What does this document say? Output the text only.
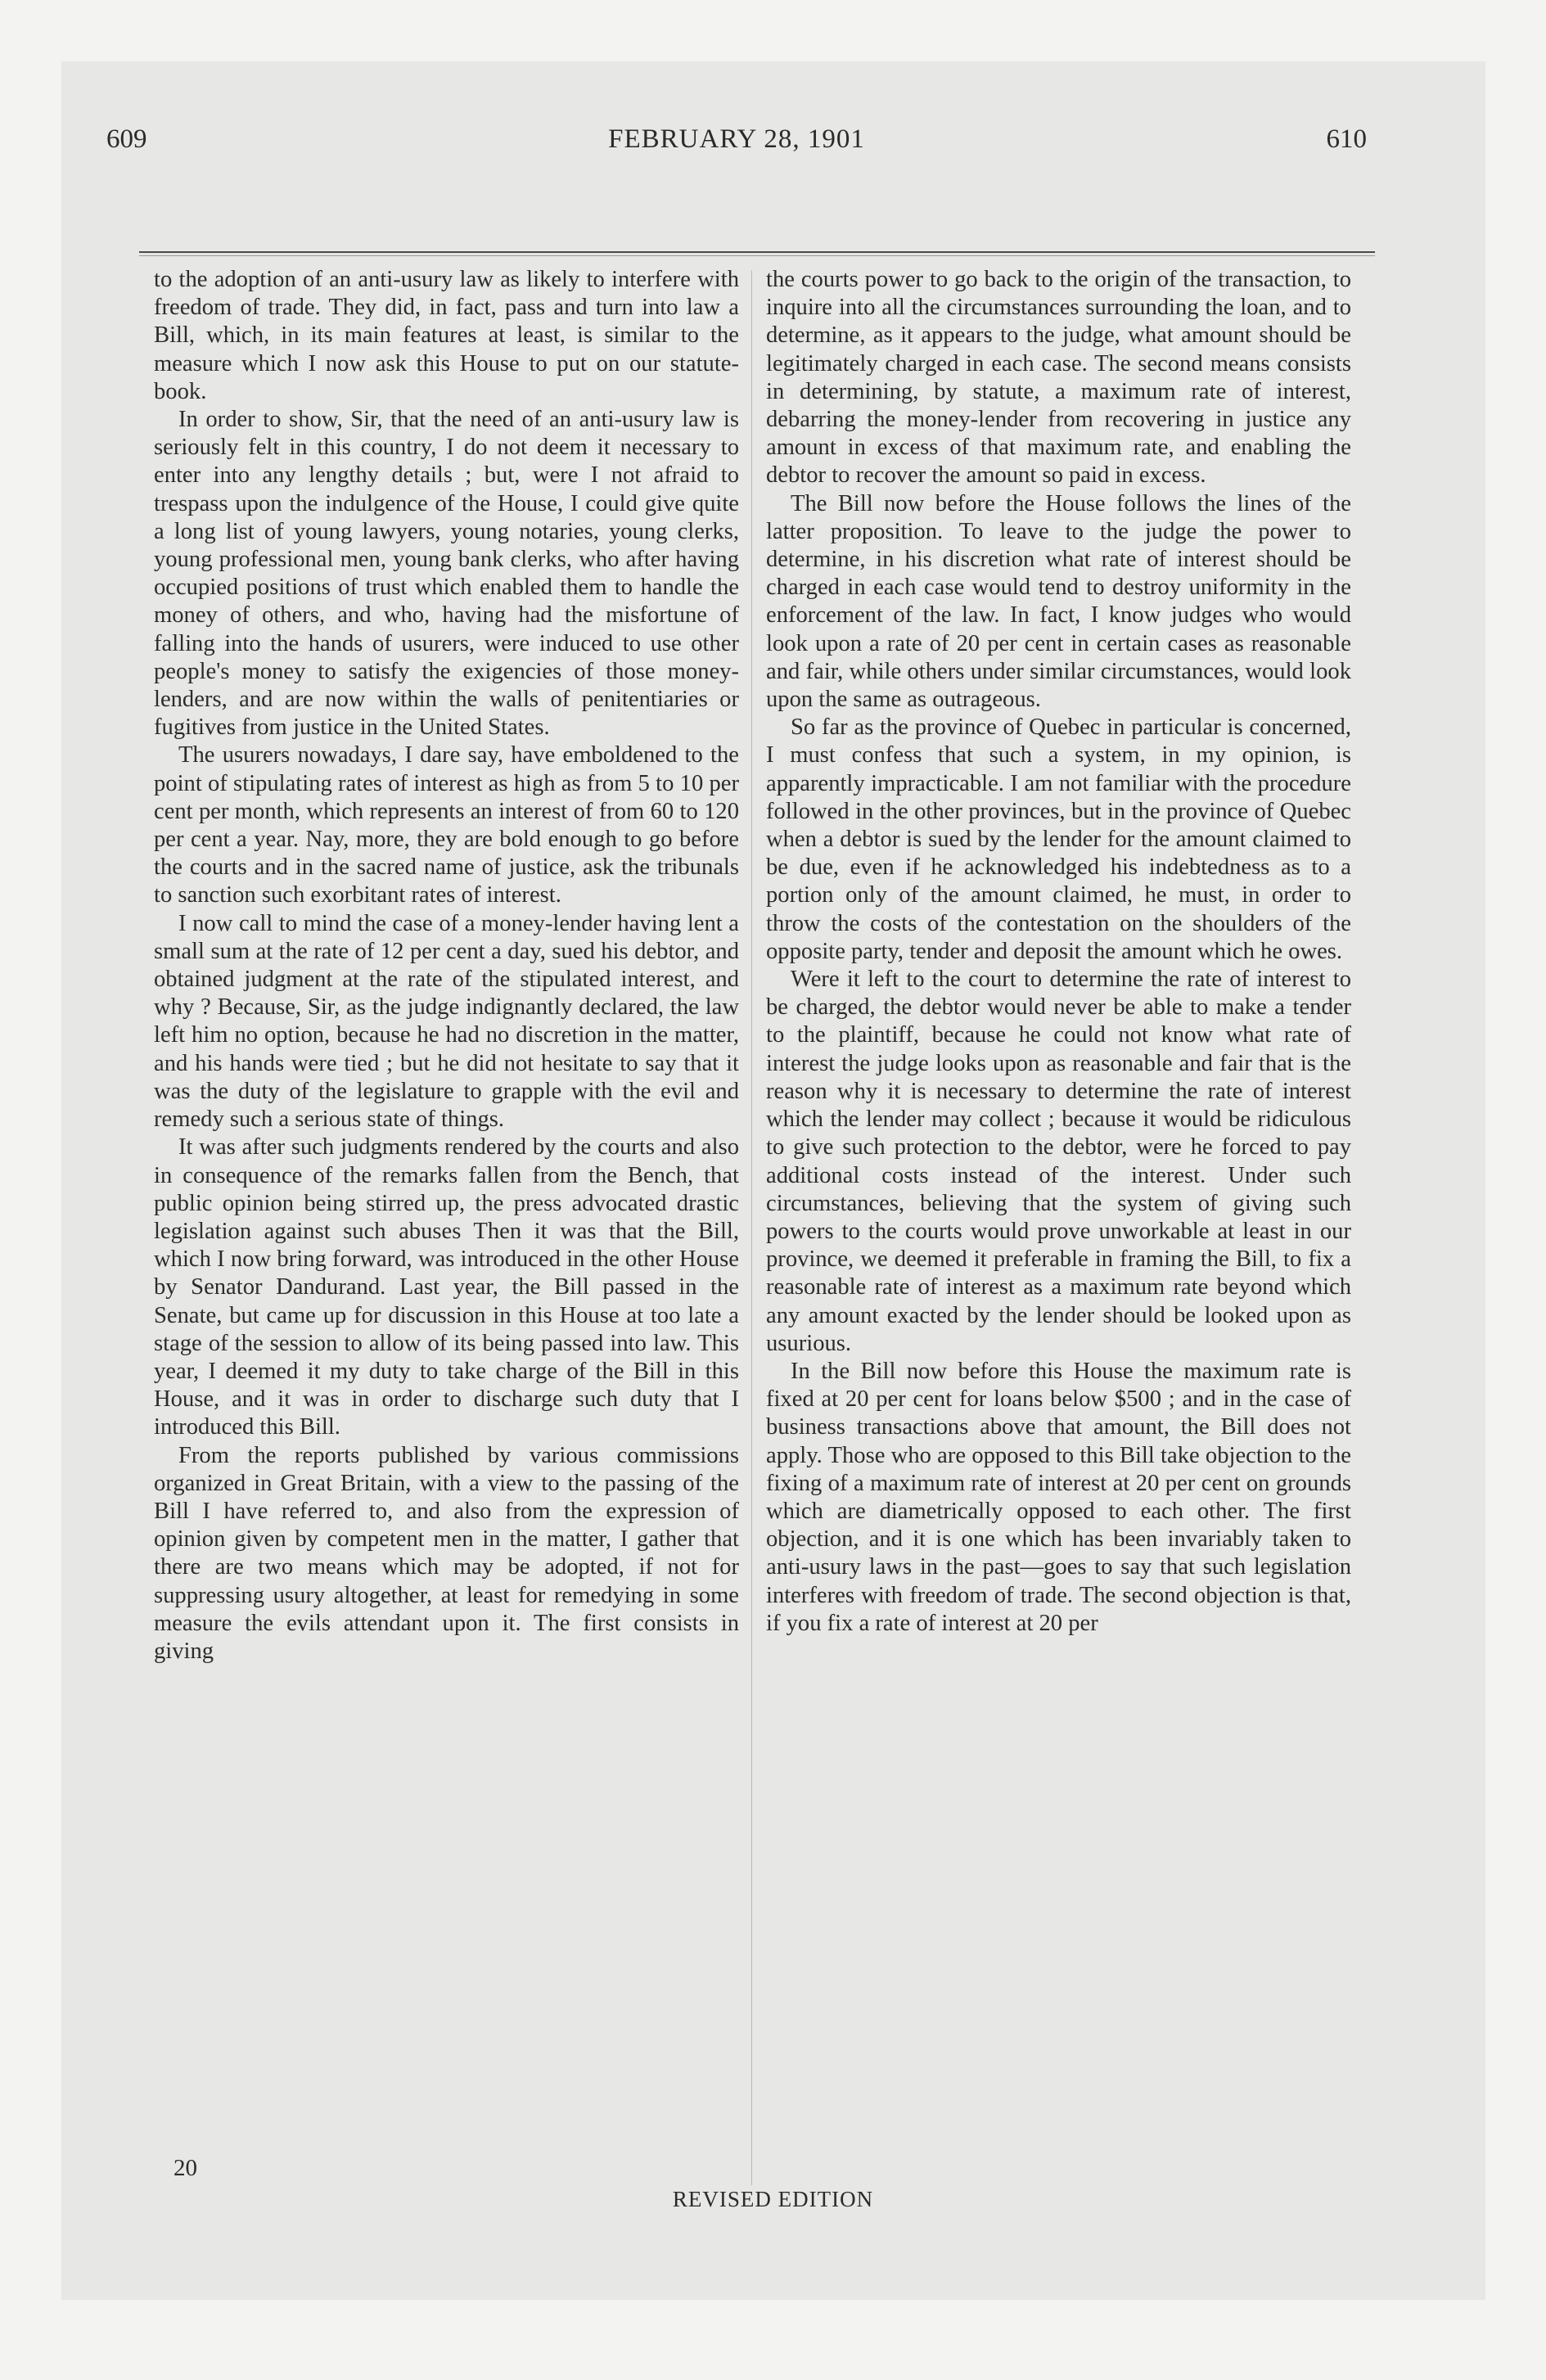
609	FEBRUARY 28, 1901	610

to the adoption of an anti-usury law as likely to interfere with freedom of trade. They did, in fact, pass and turn into law a Bill, which, in its main features at least, is similar to the measure which I now ask this House to put on our statute-book.

In order to show, Sir, that the need of an anti-usury law is seriously felt in this country, I do not deem it necessary to enter into any lengthy details ; but, were I not afraid to trespass upon the indulgence of the House, I could give quite a long list of young lawyers, young notaries, young clerks, young professional men, young bank clerks, who after having occupied positions of trust which enabled them to handle the money of others, and who, having had the misfortune of falling into the hands of usurers, were induced to use other people's money to satisfy the exigencies of those money-lenders, and are now within the walls of penitentiaries or fugitives from justice in the United States.

The usurers nowadays, I dare say, have emboldened to the point of stipulating rates of interest as high as from 5 to 10 per cent per month, which represents an interest of from 60 to 120 per cent a year. Nay, more, they are bold enough to go before the courts and in the sacred name of justice, ask the tribunals to sanction such exorbitant rates of interest.

I now call to mind the case of a money-lender having lent a small sum at the rate of 12 per cent a day, sued his debtor, and obtained judgment at the rate of the stipulated interest, and why ? Because, Sir, as the judge indignantly declared, the law left him no option, because he had no discretion in the matter, and his hands were tied ; but he did not hesitate to say that it was the duty of the legislature to grapple with the evil and remedy such a serious state of things.

It was after such judgments rendered by the courts and also in consequence of the remarks fallen from the Bench, that public opinion being stirred up, the press advocated drastic legislation against such abuses Then it was that the Bill, which I now bring forward, was introduced in the other House by Senator Dandurand. Last year, the Bill passed in the Senate, but came up for discussion in this House at too late a stage of the session to allow of its being passed into law. This year, I deemed it my duty to take charge of the Bill in this House, and it was in order to discharge such duty that I introduced this Bill.

From the reports published by various commissions organized in Great Britain, with a view to the passing of the Bill I have referred to, and also from the expression of opinion given by competent men in the matter, I gather that there are two means which may be adopted, if not for suppressing usury altogether, at least for remedying in some measure the evils attendant upon it. The first consists in giving

the courts power to go back to the origin of the transaction, to inquire into all the circumstances surrounding the loan, and to determine, as it appears to the judge, what amount should be legitimately charged in each case. The second means consists in determining, by statute, a maximum rate of interest, debarring the money-lender from recovering in justice any amount in excess of that maximum rate, and enabling the debtor to recover the amount so paid in excess.

The Bill now before the House follows the lines of the latter proposition. To leave to the judge the power to determine, in his discretion what rate of interest should be charged in each case would tend to destroy uniformity in the enforcement of the law. In fact, I know judges who would look upon a rate of 20 per cent in certain cases as reasonable and fair, while others under similar circumstances, would look upon the same as outrageous.

So far as the province of Quebec in particular is concerned, I must confess that such a system, in my opinion, is apparently impracticable. I am not familiar with the procedure followed in the other provinces, but in the province of Quebec when a debtor is sued by the lender for the amount claimed to be due, even if he acknowledged his indebtedness as to a portion only of the amount claimed, he must, in order to throw the costs of the contestation on the shoulders of the opposite party, tender and deposit the amount which he owes.

Were it left to the court to determine the rate of interest to be charged, the debtor would never be able to make a tender to the plaintiff, because he could not know what rate of interest the judge looks upon as reasonable and fair that is the reason why it is necessary to determine the rate of interest which the lender may collect ; because it would be ridiculous to give such protection to the debtor, were he forced to pay additional costs instead of the interest. Under such circumstances, believing that the system of giving such powers to the courts would prove unworkable at least in our province, we deemed it preferable in framing the Bill, to fix a reasonable rate of interest as a maximum rate beyond which any amount exacted by the lender should be looked upon as usurious.

In the Bill now before this House the maximum rate is fixed at 20 per cent for loans below $500 ; and in the case of business transactions above that amount, the Bill does not apply. Those who are opposed to this Bill take objection to the fixing of a maximum rate of interest at 20 per cent on grounds which are diametrically opposed to each other. The first objection, and it is one which has been invariably taken to anti-usury laws in the past—goes to say that such legislation interferes with freedom of trade. The second objection is that, if you fix a rate of interest at 20 per

20
REVISED EDITION
